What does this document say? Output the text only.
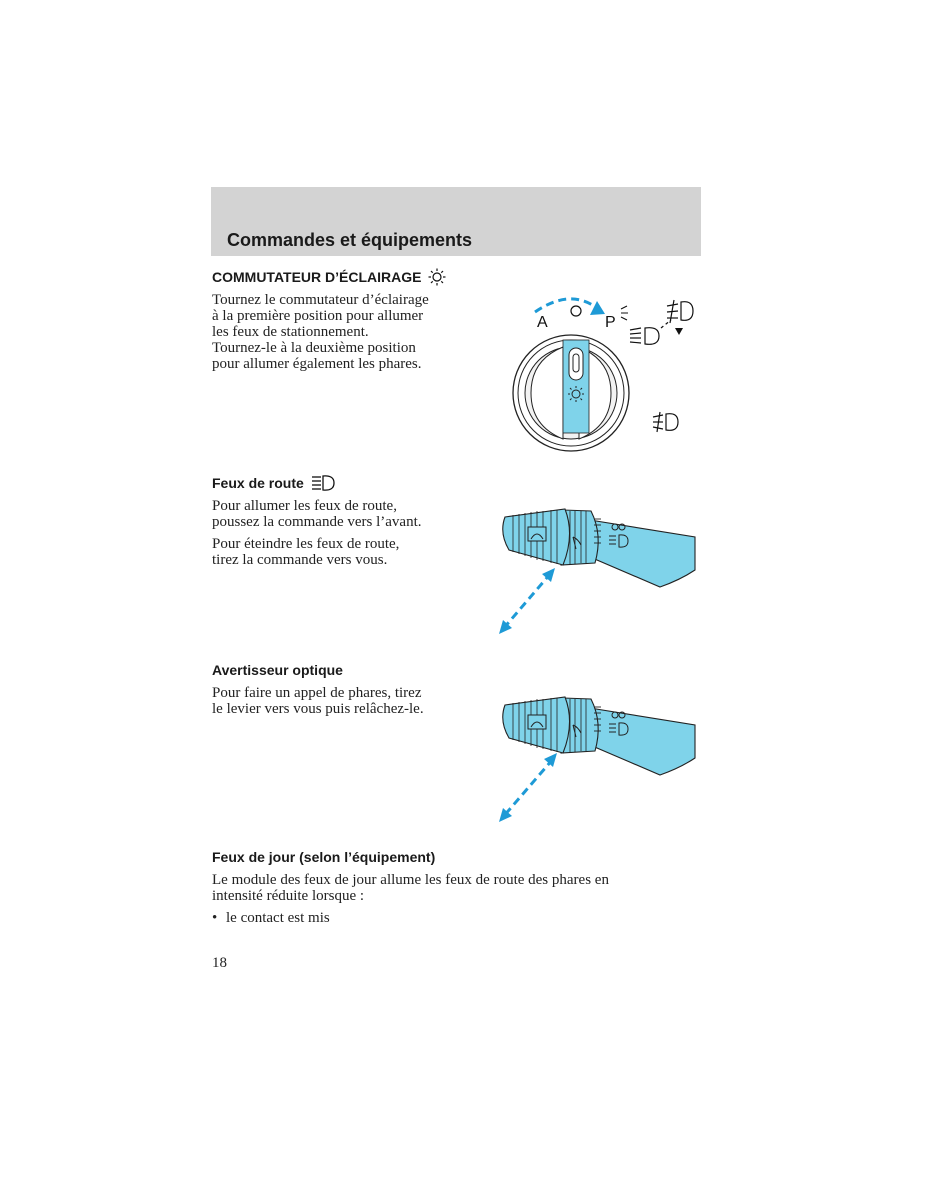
Commandes et équipements
COMMUTATEUR D’ÉCLAIRAGE

Tournez le commutateur d’éclairage

à la première position pour allumer

les feux de stationnement.

Tournez-le à la deuxième position

pour allumer également les phares.

A	P
Feux de route

Pour allumer les feux de route,

poussez la commande vers l’avant.

Pour éteindre les feux de route,

tirez la commande vers vous.

Avertisseur optique

Pour faire un appel de phares, tirez

le levier vers vous puis relâchez-le.

Feux de jour (selon l’équipement)

Le module des feux de jour allume les feux de route des phares en

intensité réduite lorsque :

• le contact est mis
18
